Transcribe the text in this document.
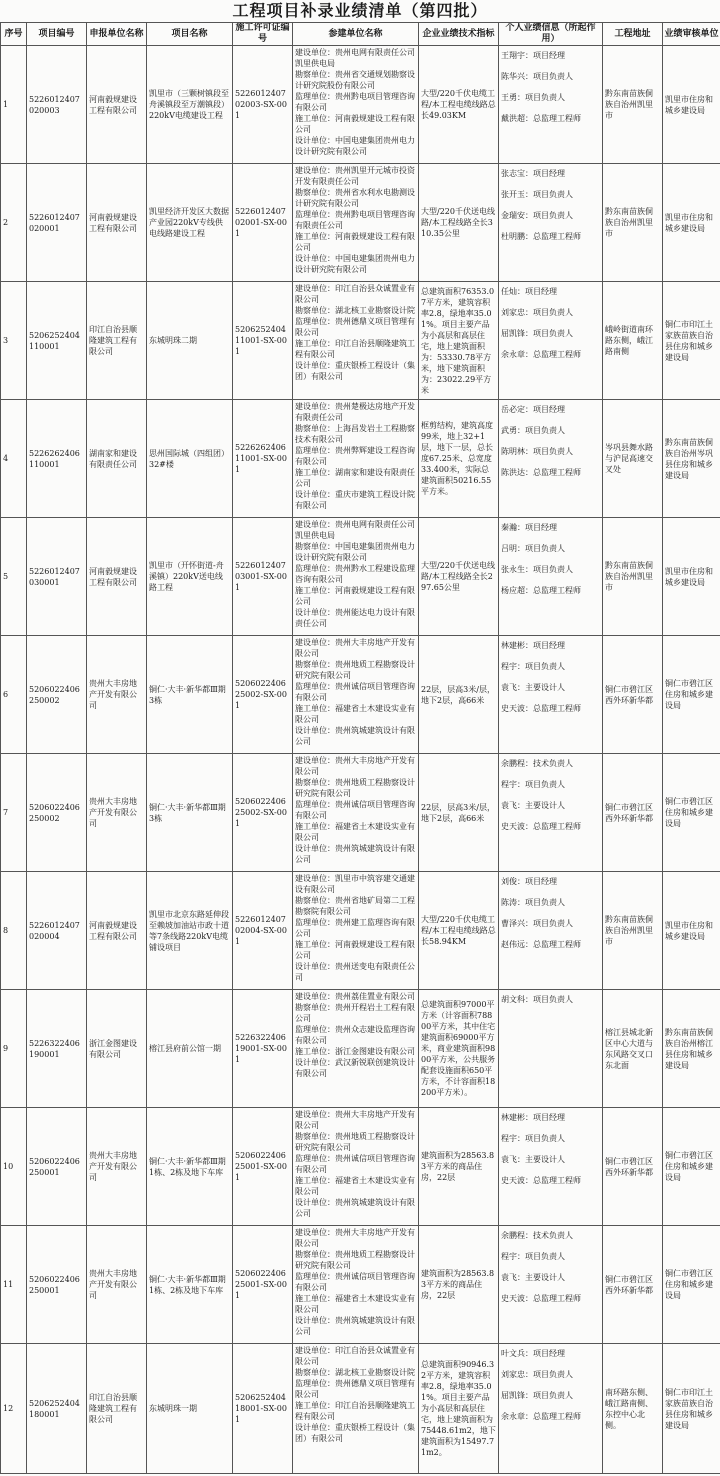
工程项目补录业绩清单（第四批）
序号	项目编号	申报单位名称	项目名称	施工许可证编号	参建单位名称	企业业绩技术指标	个人业绩信息（所起作用）	工程地址	业绩审核单位
1	5226012407020003	河南毅规建设工程有限公司	凯里市（三颗树镇段至舟溪镇段至万潮镇段）220kV电缆建设工程	522601240702003-SX-001	建设单位：贵州电网有限责任公司凯里供电局
勘察单位：贵州省交通规划勘察设计研究院股份有限公司
监理单位：贵州黔电项目管理咨询有限公司
施工单位：河南毅规建设工程有限公司
设计单位：中国电建集团贵州电力设计研究院有限公司	大型/220千伏电缆工程/本工程电缆线路总长49.03KM	王翔宇：项目经理
陈华兴：项目负责人
王勇：项目负责人
戴洪超：总监理工程师	黔东南苗族侗族自治州凯里市	凯里市住房和城乡建设局
2	5226012407020001	河南毅规建设工程有限公司	凯里经济开发区大数据产业园220kV专线供电线路建设工程	522601240702001-SX-001	建设单位：贵州凯里开元城市投资开发有限责任公司
勘察单位：贵州省水利水电勘测设计研究院有限公司
监理单位：贵州黔电项目管理咨询有限责任公司
施工单位：河南毅规建设工程有限公司
设计单位：中国电建集团贵州电力设计研究院有限公司	大型/220千伏送电线路/本工程线路全长310.35公里	张志宝：项目经理
张开玉：项目负责人
金瑞安：项目负责人
杜明鹏：总监理工程师	黔东南苗族侗族自治州凯里市	凯里市住房和城乡建设局
3	5206252404110001	印江自治县顺隆建筑工程有限公司	东城明珠二期	520625240411001-SX-001	建设单位：印江自治县众诚置业有限公司
勘察单位：湖北核工业勘察设计院
监理单位：贵州德鼎义项目管理有限公司
施工单位：印江自治县顺隆建筑工程有限公司
设计单位：重庆银桥工程设计（集团）有限公司	总建筑面积76353.07平方米，建筑容积率2.8，绿地率35.01%。项目主要产品为小高层和高层住宅，地上建筑面积为：53330.78平方米，地下建筑面积为：23022.29平方米	任灿：项目经理
刘家忠：项目负责人
屈凯锋：项目负责人
余永章：总监理工程师	峨岭街道南环路东侧，峨江路南侧	铜仁市印江土家族苗族自治县住房和城乡建设局
4	5226262406110001	湖南家和建设有限责任公司	思州国际城（四组团）32#楼	522626240611001-SX-001	建设单位：贵州楚极达房地产开发有限责任公司
勘察单位：上海昌发岩土工程勘察技术有限公司
监理单位：贵州弊辉建设工程咨询有限公司
施工单位：湖南家和建设有限责任公司
设计单位：重庆市建筑工程设计院有限公司	框剪结构，建筑高度99米，地上32+1层，地下一层，总长度67.25米、总宽度33.400米，实际总建筑面积50216.55平方米。	岳必定：项目经理
武勇：项目负责人
陈明林：项目负责人
陈洪达：总监理工程师	岑巩县舞水路与沪昆高速交叉处	黔东南苗族侗族自治州岑巩县住房和城乡建设局
5	5226012407030001	河南毅规建设工程有限公司	凯里市（开怀街道-舟溪镇）220kV送电线路工程	522601240703001-SX-001	建设单位：贵州电网有限责任公司凯里供电局
勘察单位：中国电建集团贵州电力设计研究院有限公司
监理单位：贵州黔水工程建设监理咨询有限公司
施工单位：河南毅规建设工程有限公司
设计单位：贵州能达电力设计有限责任公司	大型/220千伏送电线路/本工程线路全长297.65公里	秦瀚：项目经理
吕明：项目负责人
张永生：项目负责人
杨应超：总监理工程师	黔东南苗族侗族自治州凯里市	凯里市住房和城乡建设局
6	5206022406250002	贵州大丰房地产开发有限公司	铜仁·大丰·新华都Ⅲ期3栋	520602240625002-SX-001	建设单位：贵州大丰房地产开发有限公司
勘察单位：贵州地质工程勘察设计研究院有限公司
监理单位：贵州诚信项目管理咨询有限公司
施工单位：福建省土木建设实业有限公司
设计单位：贵州筑城建筑设计有限公司	22层，层高3米/层，地下2层，高66米	林建彬：项目经理
程宇：项目负责人
袁飞：主要设计人
史天波：总监理工程师	铜仁市碧江区西外环新华都	铜仁市碧江区住房和城乡建设局
7	5206022406250002	贵州大丰房地产开发有限公司	铜仁·大丰·新华都Ⅲ期3栋	520602240625002-SX-001	建设单位：贵州大丰房地产开发有限公司
勘察单位：贵州地质工程勘察设计研究院有限公司
监理单位：贵州诚信项目管理咨询有限公司
施工单位：福建省土木建设实业有限公司
设计单位：贵州筑城建筑设计有限公司	22层，层高3米/层，地下2层，高66米	余鹏程：技术负责人
程宇：项目负责人
袁飞：主要设计人
史天波：总监理工程师	铜仁市碧江区西外环新华都	铜仁市碧江区住房和城乡建设局
8	5226012407020004	河南毅规建设工程有限公司	凯里市北京东路延伸段至赖坡加油站市政十道等7条线路220kV电缆铺设项目	522601240702004-SX-001	建设单位：凯里市中筑容建交通建设有限公司
勘察单位：贵州省地矿局第二工程勘察院有限公司
监理单位：贵州建工监理咨询有限公司
施工单位：河南毅规建设工程有限公司
设计单位：贵州送变电有限责任公司	大型/220千伏电缆工程/本工程电缆线路总长58.94KM	刘俊：项目经理
陈涛：项目负责人
曹泽兴：项目负责人
赵伟远：总监理工程师	黔东南苗族侗族自治州凯里市	凯里市住房和城乡建设局
9	5226322406190001	浙江金图建设有限公司	榕江县府前公馆一期	522632240619001-SX-001	建设单位：贵州荔佳置业有限公司
勘察单位：贵州开程岩土工程有限公司
监理单位：贵州众志建设监理咨询有限公司
施工单位：浙江金图建设有限公司
设计单位：武汉新锐联创建筑设计有限公司	总建筑面积97000平方米（计容面积78800平方米，其中住宅建筑面积69000平方米，商业建筑面积9800平方米，公共服务配套设施面积650平方米，不计容面积18200平方米）。	胡文科：项目负责人	榕江县城北新区中心大道与东风路交叉口东北面	黔东南苗族侗族自治州榕江县住房和城乡建设局
10	5206022406250001	贵州大丰房地产开发有限公司	铜仁·大丰·新华都Ⅲ期1栋、2栋及地下车库	520602240625001-SX-001	建设单位：贵州大丰房地产开发有限公司
勘察单位：贵州地质工程勘察设计研究院有限公司
监理单位：贵州诚信项目管理咨询有限公司
施工单位：福建省土木建设实业有限公司
设计单位：贵州筑城建筑设计有限公司	建筑面积为28563.83平方米的商品住房，22层	林建彬：项目经理
程宇：项目负责人
袁飞：主要设计人
史天波：总监理工程师	铜仁市碧江区西外环新华都	铜仁市碧江区住房和城乡建设局
11	5206022406250001	贵州大丰房地产开发有限公司	铜仁·大丰·新华都Ⅲ期1栋、2栋及地下车库	520602240625001-SX-001	建设单位：贵州大丰房地产开发有限公司
勘察单位：贵州地质工程勘察设计研究院有限公司
监理单位：贵州诚信项目管理咨询有限公司
施工单位：福建省土木建设实业有限公司
设计单位：贵州筑城建筑设计有限公司	建筑面积为28563.83平方米的商品住房，22层	余鹏程：技术负责人
程宇：项目负责人
袁飞：主要设计人
史天波：总监理工程师	铜仁市碧江区西外环新华都	铜仁市碧江区住房和城乡建设局
12	5206252404180001	印江自治县顺隆建筑工程有限公司	东城明珠一期	520625240418001-SX-001	建设单位：印江自治县众诚置业有限公司
勘察单位：湖北核工业勘察设计院
监理单位：贵州德鼎义项目管理有限公司
施工单位：印江自治县顺隆建筑工程有限公司
设计单位：重庆银桥工程设计（集团）有限公司	总建筑面积90946.32平方米，建筑容积率2.8，绿地率35.01%。项目主要产品为小高层和高层住宅，地上建筑面积为75448.61m2，地下建筑面积为15497.71m2。	叶文兵：项目经理
刘家忠：项目负责人
屈凯锋：项目负责人
余永章：总监理工程师	南环路东侧、峨江路南侧、东控中心北侧。	铜仁市印江土家族苗族自治县住房和城乡建设局
